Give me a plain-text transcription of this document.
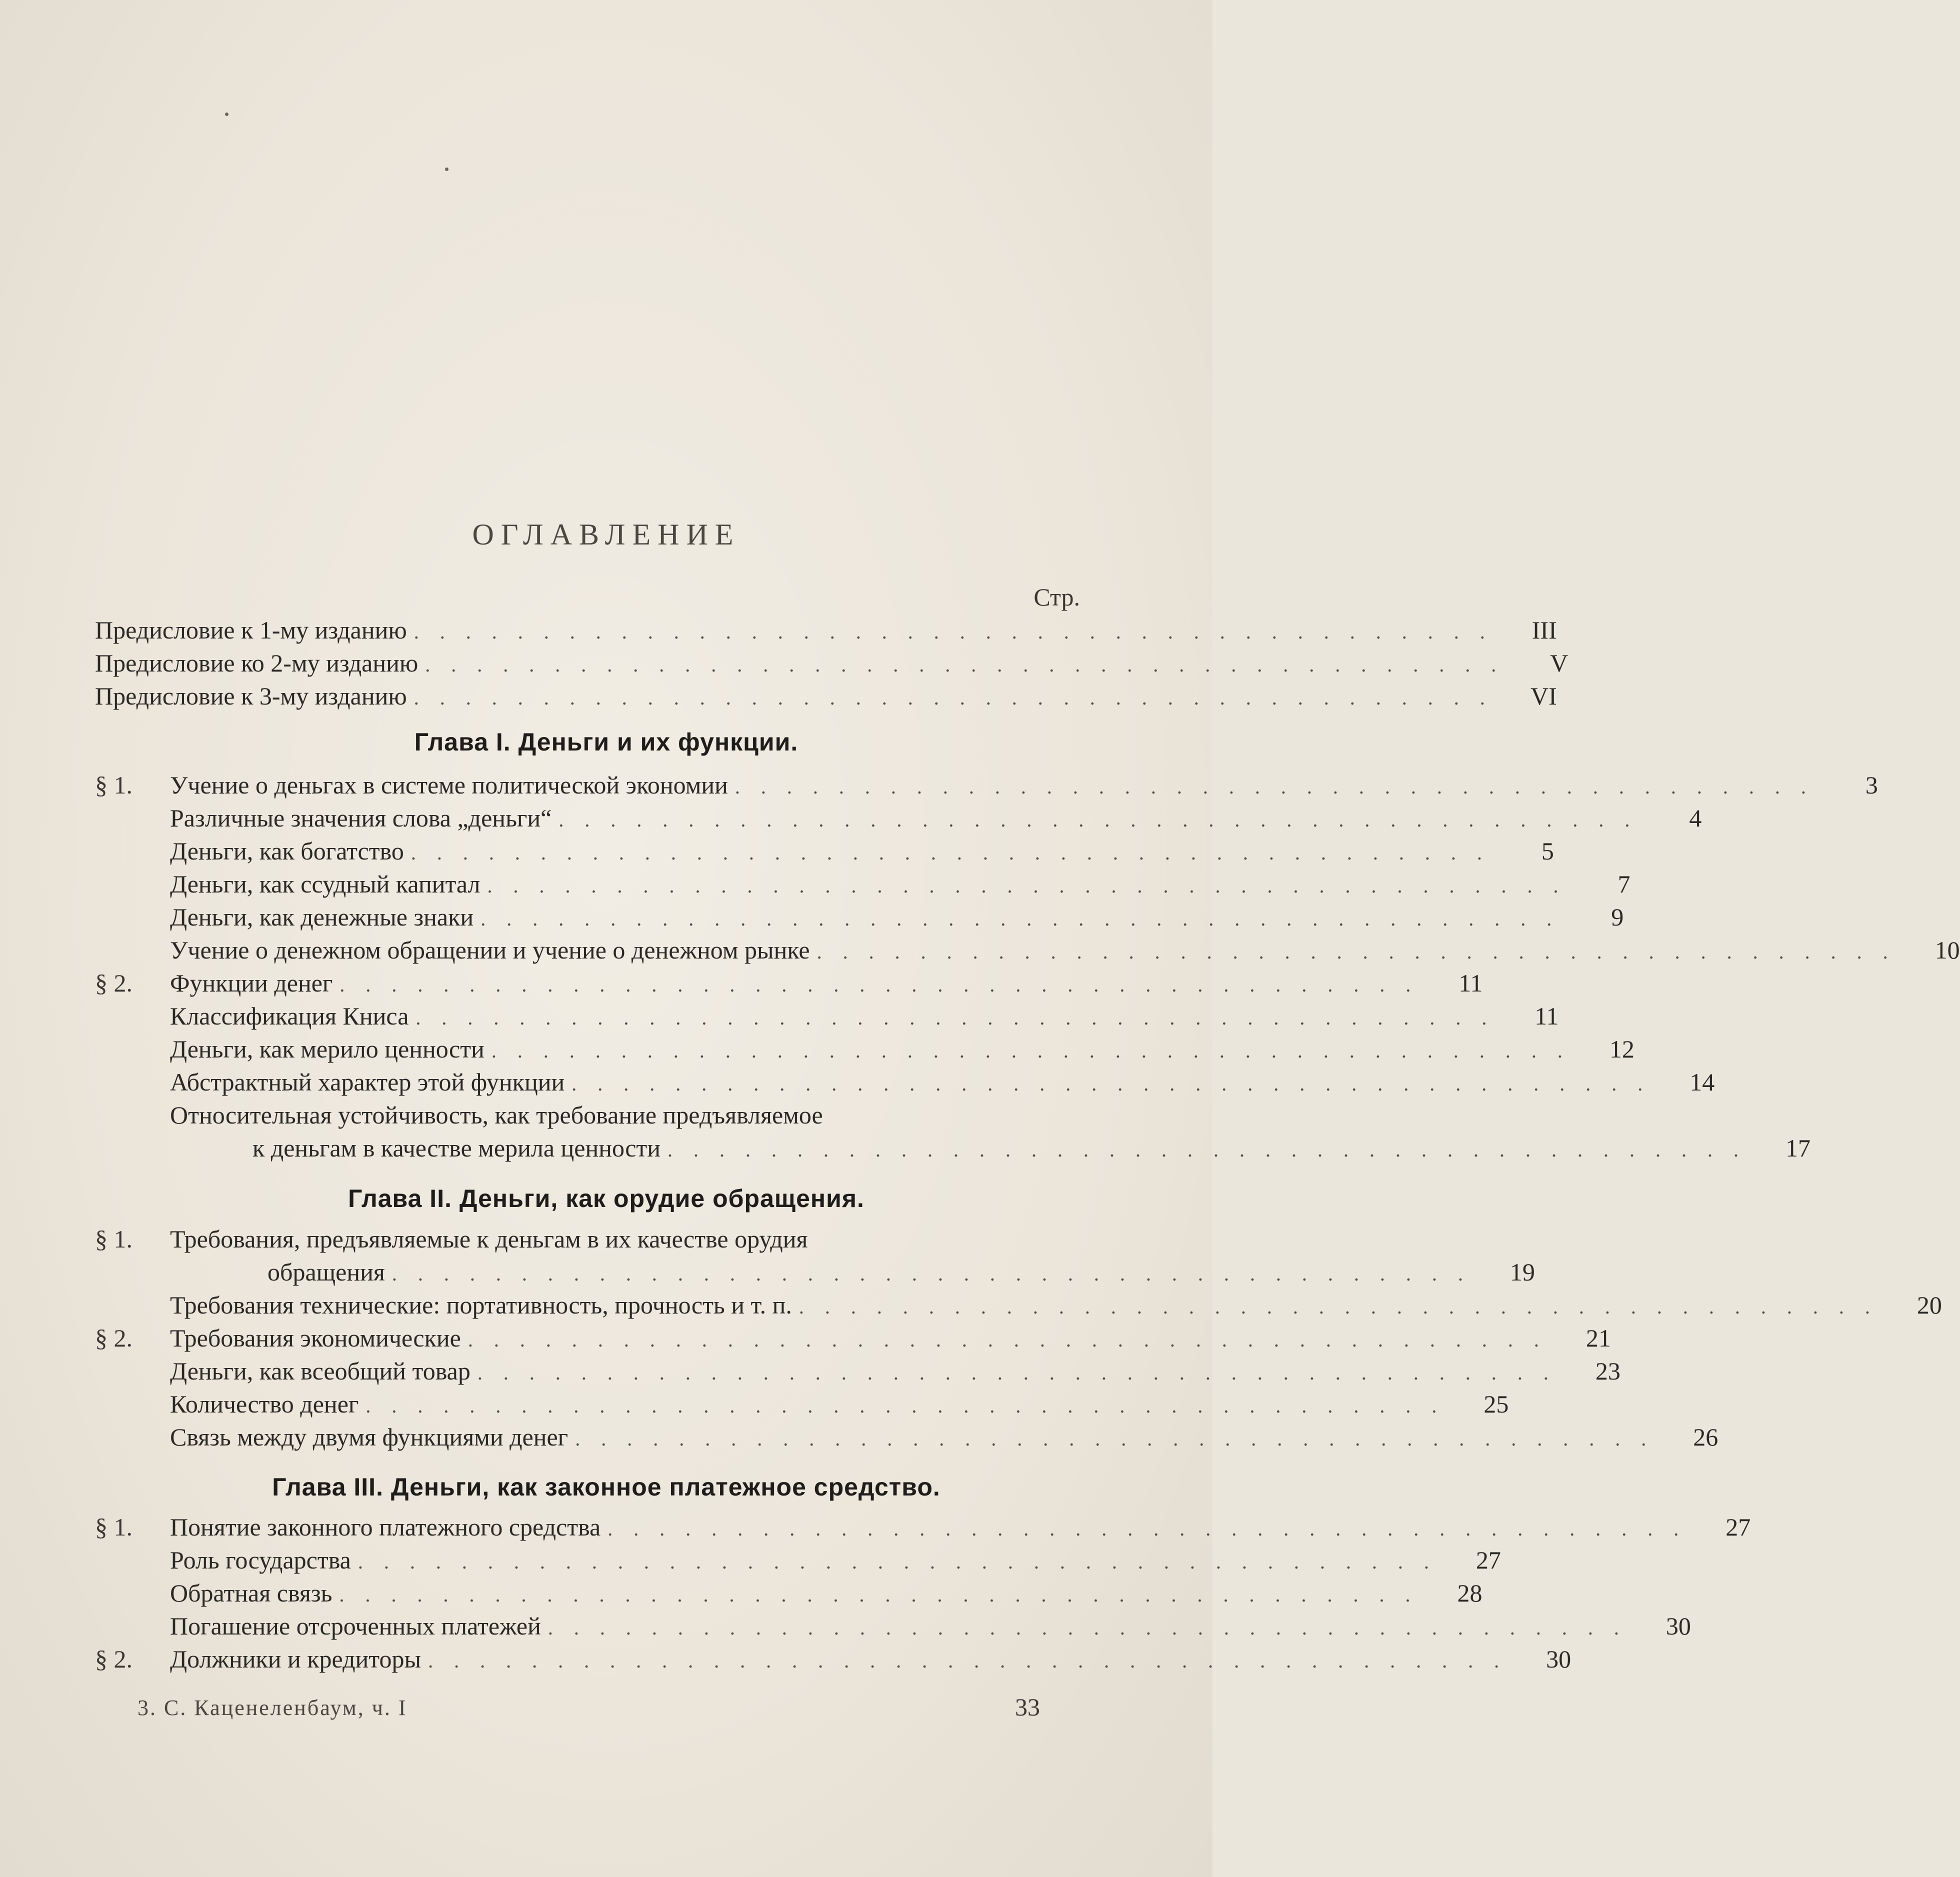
ОГЛАВЛЕНИЕ
Стр.
Предисловие к 1-му изданию . . . . . . . . . . . . . . . . . . . . . . . . . . . . . . . . . . . . . . . . . .	III
Предисловие ко 2-му изданию . . . . . . . . . . . . . . . . . . . . . . . . . . . . . . . . . . . . . . . . . .	V
Предисловие к 3-му изданию . . . . . . . . . . . . . . . . . . . . . . . . . . . . . . . . . . . . . . . . . .	VI
Глава I. Деньги и их функции.
§ 1.	Учение о деньгах в системе политической экономии . . . . . . . . . . . . . . . . . . . . . . . . . . . . . . . . . . . . . . . . . .	3
Различные значения слова „деньги“ . . . . . . . . . . . . . . . . . . . . . . . . . . . . . . . . . . . . . . . . . .	4
Деньги, как богатство . . . . . . . . . . . . . . . . . . . . . . . . . . . . . . . . . . . . . . . . . .	5
Деньги, как ссудный капитал . . . . . . . . . . . . . . . . . . . . . . . . . . . . . . . . . . . . . . . . . .	7
Деньги, как денежные знаки . . . . . . . . . . . . . . . . . . . . . . . . . . . . . . . . . . . . . . . . . .	9
Учение о денежном обращении и учение о денежном рынке . . . . . . . . . . . . . . . . . . . . . . . . . . . . . . . . . . . . . . . . . .	10
§ 2.	Функции денег . . . . . . . . . . . . . . . . . . . . . . . . . . . . . . . . . . . . . . . . . .	11
Классификация Книса . . . . . . . . . . . . . . . . . . . . . . . . . . . . . . . . . . . . . . . . . .	11
Деньги, как мерило ценности . . . . . . . . . . . . . . . . . . . . . . . . . . . . . . . . . . . . . . . . . .	12
Абстрактный характер этой функции . . . . . . . . . . . . . . . . . . . . . . . . . . . . . . . . . . . . . . . . . .	14
Относительная устойчивость, как требование предъявляемое
к деньгам в качестве мерила ценности . . . . . . . . . . . . . . . . . . . . . . . . . . . . . . . . . . . . . . . . . .	17
Глава II. Деньги, как орудие обращения.
§ 1.	Требования, предъявляемые к деньгам в их качестве орудия
обращения . . . . . . . . . . . . . . . . . . . . . . . . . . . . . . . . . . . . . . . . . .	19
Требования технические: портативность, прочность и т. п. . . . . . . . . . . . . . . . . . . . . . . . . . . . . . . . . . . . . . . . . . .	20
§ 2.	Требования экономические . . . . . . . . . . . . . . . . . . . . . . . . . . . . . . . . . . . . . . . . . .	21
Деньги, как всеобщий товар . . . . . . . . . . . . . . . . . . . . . . . . . . . . . . . . . . . . . . . . . .	23
Количество денег . . . . . . . . . . . . . . . . . . . . . . . . . . . . . . . . . . . . . . . . . .	25
Связь между двумя функциями денег . . . . . . . . . . . . . . . . . . . . . . . . . . . . . . . . . . . . . . . . . .	26
Глава III. Деньги, как законное платежное средство.
§ 1.	Понятие законного платежного средства . . . . . . . . . . . . . . . . . . . . . . . . . . . . . . . . . . . . . . . . . .	27
Роль государства . . . . . . . . . . . . . . . . . . . . . . . . . . . . . . . . . . . . . . . . . .	27
Обратная связь . . . . . . . . . . . . . . . . . . . . . . . . . . . . . . . . . . . . . . . . . .	28
Погашение отсроченных платежей . . . . . . . . . . . . . . . . . . . . . . . . . . . . . . . . . . . . . . . . . .	30
§ 2.	Должники и кредиторы . . . . . . . . . . . . . . . . . . . . . . . . . . . . . . . . . . . . . . . . . .	30
3. С. Каценеленбаум, ч. I	33
